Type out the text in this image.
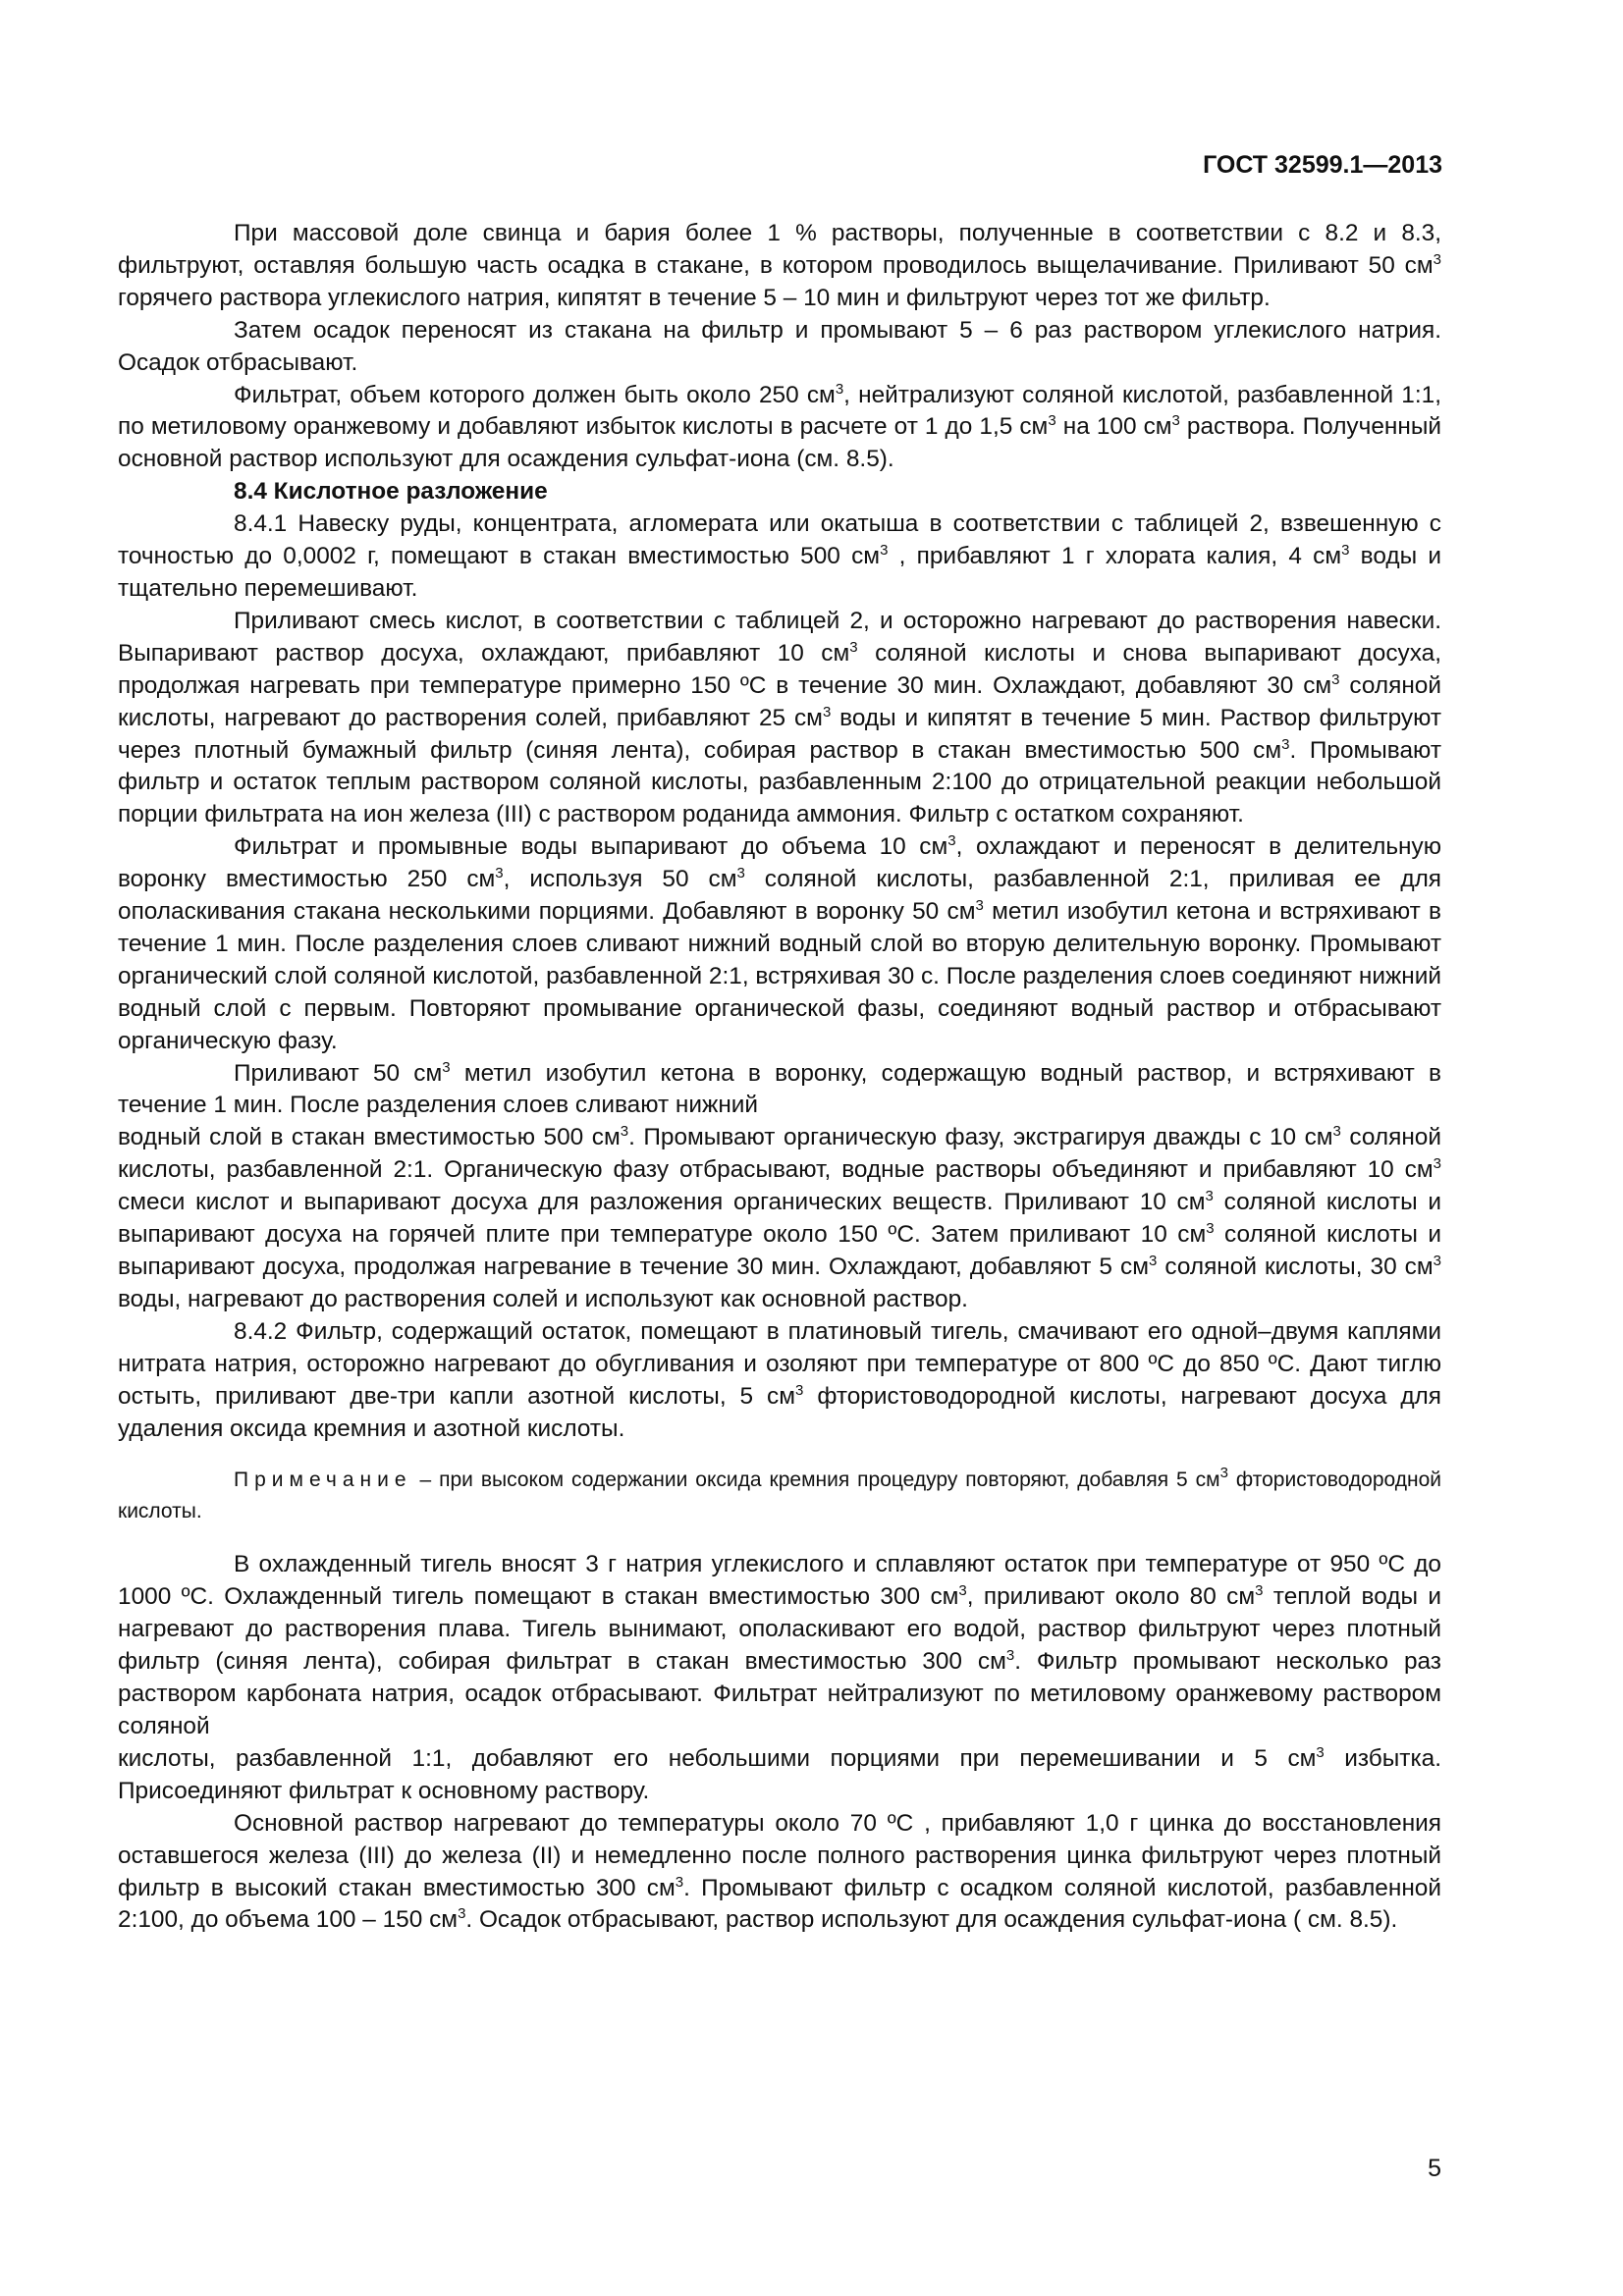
ГОСТ 32599.1—2013

При массовой доле свинца и бария более 1 % растворы, полученные в соответствии с 8.2 и 8.3, фильтруют, оставляя большую часть осадка в стакане, в котором проводилось выщелачивание. Приливают 50 $см^3$ горячего раствора углекислого натрия, кипятят в течение 5 – 10 мин и фильтруют через тот же фильтр.

Затем осадок переносят из стакана на фильтр и промывают 5 – 6 раз раствором углекислого натрия. Осадок отбрасывают.

Фильтрат, объем которого должен быть около 250 $см^3$, нейтрализуют соляной кислотой, разбавленной 1:1, по метиловому оранжевому и добавляют избыток кислоты в расчете от 1 до 1,5 $см^3$ на 100 $см^3$ раствора. Полученный основной раствор используют для осаждения сульфат-иона (см. 8.5).

8.4 Кислотное разложение

8.4.1 Навеску руды, концентрата, агломерата или окатыша в соответствии с таблицей 2, взвешенную с точностью до 0,0002 г, помещают в стакан вместимостью 500 $см^3$ , прибавляют 1 г хлората калия, 4 $см^3$ воды и тщательно перемешивают.

Приливают смесь кислот, в соответствии с таблицей 2, и осторожно нагревают до растворения навески. Выпаривают раствор досуха, охлаждают, прибавляют 10 $см^3$ соляной кислоты и снова выпаривают досуха, продолжая нагревать при температуре примерно 150 ºС в течение 30 мин. Охлаждают, добавляют 30 $см^3$ соляной кислоты, нагревают до растворения солей, прибавляют 25 $см^3$ воды и кипятят в течение 5 мин. Раствор фильтруют через плотный бумажный фильтр (синяя лента), собирая раствор в стакан вместимостью 500 $см^3$. Промывают фильтр и остаток теплым раствором соляной кислоты, разбавленным 2:100 до отрицательной реакции небольшой порции фильтрата на ион железа (III) с раствором роданида аммония. Фильтр с остатком сохраняют.

Фильтрат и промывные воды выпаривают до объема 10 $см^3$, охлаждают и переносят в делительную воронку вместимостью 250 $см^3$, используя 50 $см^3$ соляной кислоты, разбавленной 2:1, приливая ее для ополаскивания стакана несколькими порциями. Добавляют в воронку 50 $см^3$ метил изобутил кетона и встряхивают в течение 1 мин. После разделения слоев сливают нижний водный слой во вторую делительную воронку. Промывают органический слой соляной кислотой, разбавленной 2:1, встряхивая 30 с. После разделения слоев соединяют нижний водный слой с первым. Повторяют промывание органической фазы, соединяют водный раствор и отбрасывают органическую фазу.

Приливают 50 $см^3$ метил изобутил кетона в воронку, содержащую водный раствор, и встряхивают в течение 1 мин. После разделения слоев сливают нижний

водный слой в стакан вместимостью 500 $см^3$. Промывают органическую фазу, экстрагируя дважды с 10 $см^3$ соляной кислоты, разбавленной 2:1. Органическую фазу отбрасывают, водные растворы объединяют и прибавляют 10 $см^3$ смеси кислот и выпаривают досуха для разложения органических веществ. Приливают 10 $см^3$ соляной кислоты и выпаривают досуха на горячей плите при температуре около 150 ºС. Затем приливают 10 $см^3$ соляной кислоты и выпаривают досуха, продолжая нагревание в течение 30 мин. Охлаждают, добавляют 5 $см^3$ соляной кислоты, 30 $см^3$ воды, нагревают до растворения солей и используют как основной раствор.

8.4.2 Фильтр, содержащий остаток, помещают в платиновый тигель, смачивают его одной–двумя каплями нитрата натрия, осторожно нагревают до обугливания и озоляют при температуре от 800 ºС до 850 ºС. Дают тиглю остыть, приливают две-три капли азотной кислоты, 5 $см^3$ фтористоводородной кислоты, нагревают досуха для удаления оксида кремния и азотной кислоты.

Примечание – при высоком содержании оксида кремния процедуру повторяют, добавляя 5 $см^3$ фтористоводородной кислоты.

В охлажденный тигель вносят 3 г натрия углекислого и сплавляют остаток при температуре от 950 ºС до 1000 ºС. Охлажденный тигель помещают в стакан вместимостью 300 $см^3$, приливают около 80 $см^3$ теплой воды и нагревают до растворения плава. Тигель вынимают, ополаскивают его водой, раствор фильтруют через плотный фильтр (синяя лента), собирая фильтрат в стакан вместимостью 300 $см^3$. Фильтр промывают несколько раз раствором карбоната натрия, осадок отбрасывают. Фильтрат нейтрализуют по метиловому оранжевому раствором соляной

кислоты, разбавленной 1:1, добавляют его небольшими порциями при перемешивании и 5 $см^3$ избытка. Присоединяют фильтрат к основному раствору.

Основной раствор нагревают до температуры около 70 ºС , прибавляют 1,0 г цинка до восстановления оставшегося железа (III) до железа (II) и немедленно после полного растворения цинка фильтруют через плотный фильтр в высокий стакан вместимостью 300 $см^3$. Промывают фильтр с осадком соляной кислотой, разбавленной 2:100, до объема 100 – 150 $см^3$. Осадок отбрасывают, раствор используют для осаждения сульфат-иона ( см. 8.5).

5
